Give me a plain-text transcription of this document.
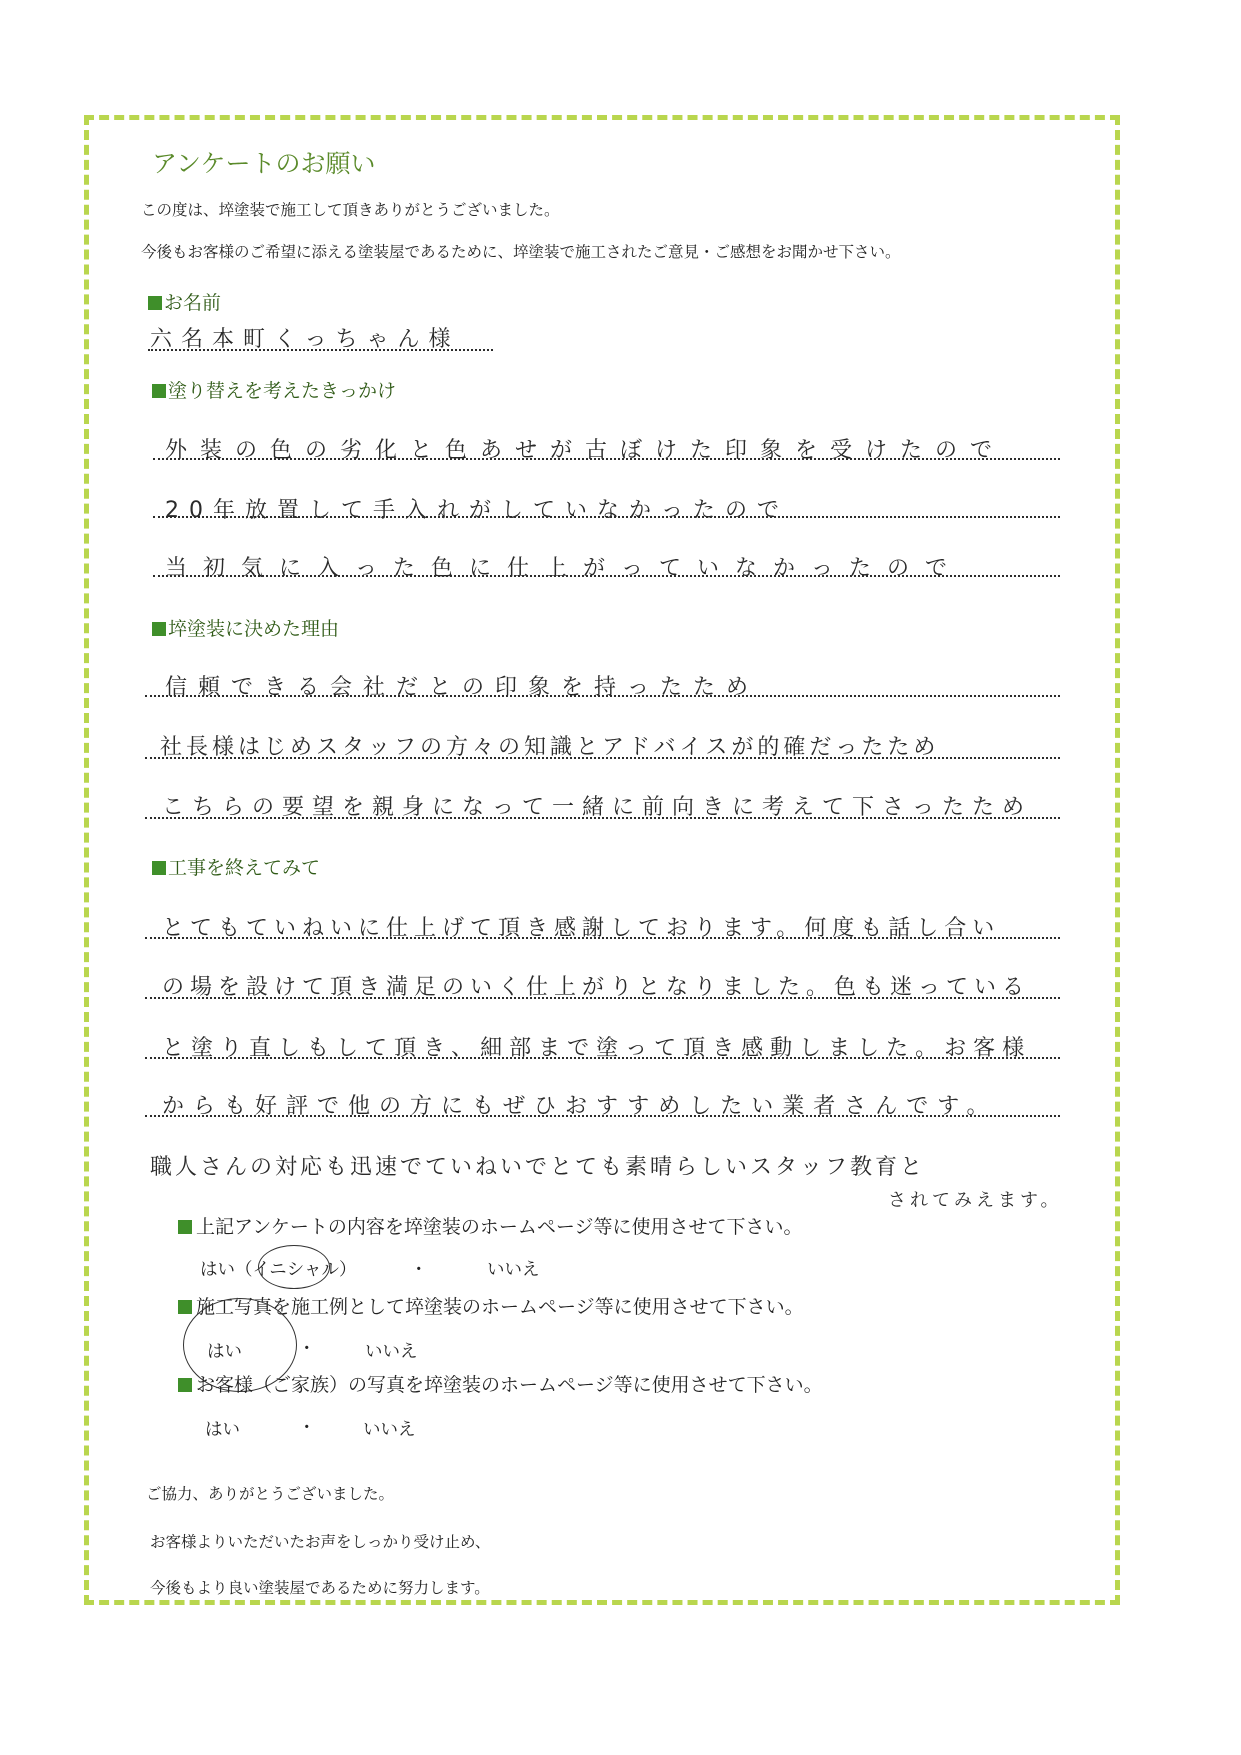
アンケートのお願い
この度は、埣塗装で施工して頂きありがとうございました。
今後もお客様のご希望に添える塗装屋であるために、埣塗装で施工されたご意見・ご感想をお聞かせ下さい。
お名前
六名本町くっちゃん様
塗り替えを考えたきっかけ
外装の色の劣化と色あせが古ぼけた印象を受けたので
20年放置して手入れがしていなかったので
当初気に入った色に仕上がっていなかったので
埣塗装に決めた理由
信頼できる会社だとの印象を持ったため
社長様はじめスタッフの方々の知識とアドバイスが的確だったため
こちらの要望を親身になって一緒に前向きに考えて下さったため
工事を終えてみて
とてもていねいに仕上げて頂き感謝しております。何度も話し合い
の場を設けて頂き満足のいく仕上がりとなりました。色も迷っている
と塗り直しもして頂き、細部まで塗って頂き感動しました。お客様
からも好評で他の方にもぜひおすすめしたい業者さんです。
職人さんの対応も迅速でていねいでとても素晴らしいスタッフ教育と
されてみえます。
上記アンケートの内容を埣塗装のホームページ等に使用させて下さい。
はい（イニシャル）	・	いいえ
施工写真を施工例として埣塗装のホームページ等に使用させて下さい。
はい	・	いいえ
お客様（ご家族）の写真を埣塗装のホームページ等に使用させて下さい。
はい	・	いいえ
ご協力、ありがとうございました。
お客様よりいただいたお声をしっかり受け止め、
今後もより良い塗装屋であるために努力します。
